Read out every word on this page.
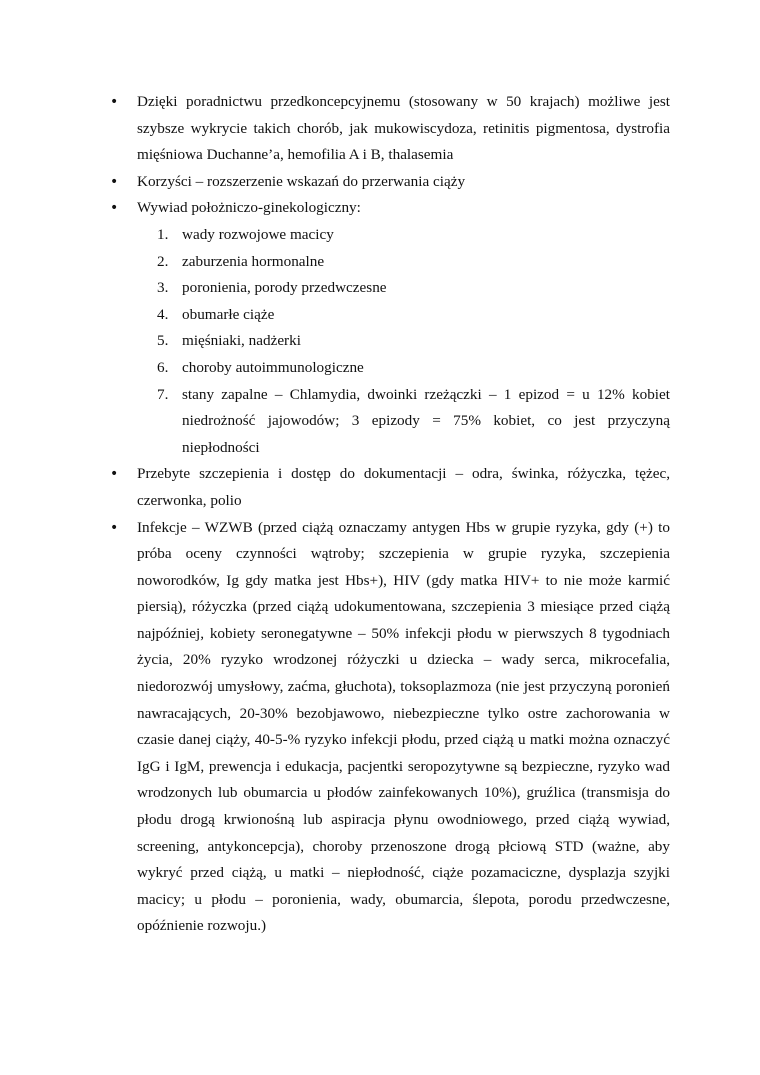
• Dzięki poradnictwu przedkoncepcyjnemu (stosowany w 50 krajach) możliwe jest szybsze wykrycie takich chorób, jak mukowiscydoza, retinitis pigmentosa, dystrofia mięśniowa Duchanne’a, hemofilia A i B, thalasemia
• Korzyści – rozszerzenie wskazań do przerwania ciąży
• Wywiad położniczo-ginekologiczny:
1. wady rozwojowe macicy
2. zaburzenia hormonalne
3. poronienia, porody przedwczesne
4. obumarłe ciąże
5. mięśniaki, nadżerki
6. choroby autoimmunologiczne
7. stany zapalne – Chlamydia, dwoinki rzeżączki – 1 epizod = u 12% kobiet niedrożność jajowodów; 3 epizody = 75% kobiet, co jest przyczyną niepłodności
• Przebyte szczepienia i dostęp do dokumentacji – odra, świnka, różyczka, tężec, czerwonka, polio
• Infekcje – WZWB (przed ciążą oznaczamy antygen Hbs w grupie ryzyka, gdy (+) to próba oceny czynności wątroby; szczepienia w grupie ryzyka, szczepienia noworodków, Ig gdy matka jest Hbs+), HIV (gdy matka HIV+ to nie może karmić piersią), różyczka (przed ciążą udokumentowana, szczepienia 3 miesiące przed ciążą najpóźniej, kobiety seronegatywne – 50% infekcji płodu w pierwszych 8 tygodniach życia, 20% ryzyko wrodzonej różyczki u dziecka – wady serca, mikrocefalia, niedorozwój umysłowy, zaćma, głuchota), toksoplazmoza (nie jest przyczyną poronień nawracających, 20-30% bezobjawowo, niebezpieczne tylko ostre zachorowania w czasie danej ciąży, 40-5-% ryzyko infekcji płodu, przed ciążą u matki można oznaczyć IgG i IgM, prewencja i edukacja, pacjentki seropozytywne są bezpieczne, ryzyko wad wrodzonych lub obumarcia u płodów zainfekowanych 10%), gruźlica (transmisja do płodu drogą krwionośną lub aspiracja płynu owodniowego, przed ciążą wywiad, screening, antykoncepcja), choroby przenoszone drogą płciową STD (ważne, aby wykryć przed ciążą, u matki – niepłodność, ciąże pozamaciczne, dysplazja szyjki macicy; u płodu – poronienia, wady, obumarcia, ślepota, porodu przedwczesne, opóźnienie rozwoju.)
